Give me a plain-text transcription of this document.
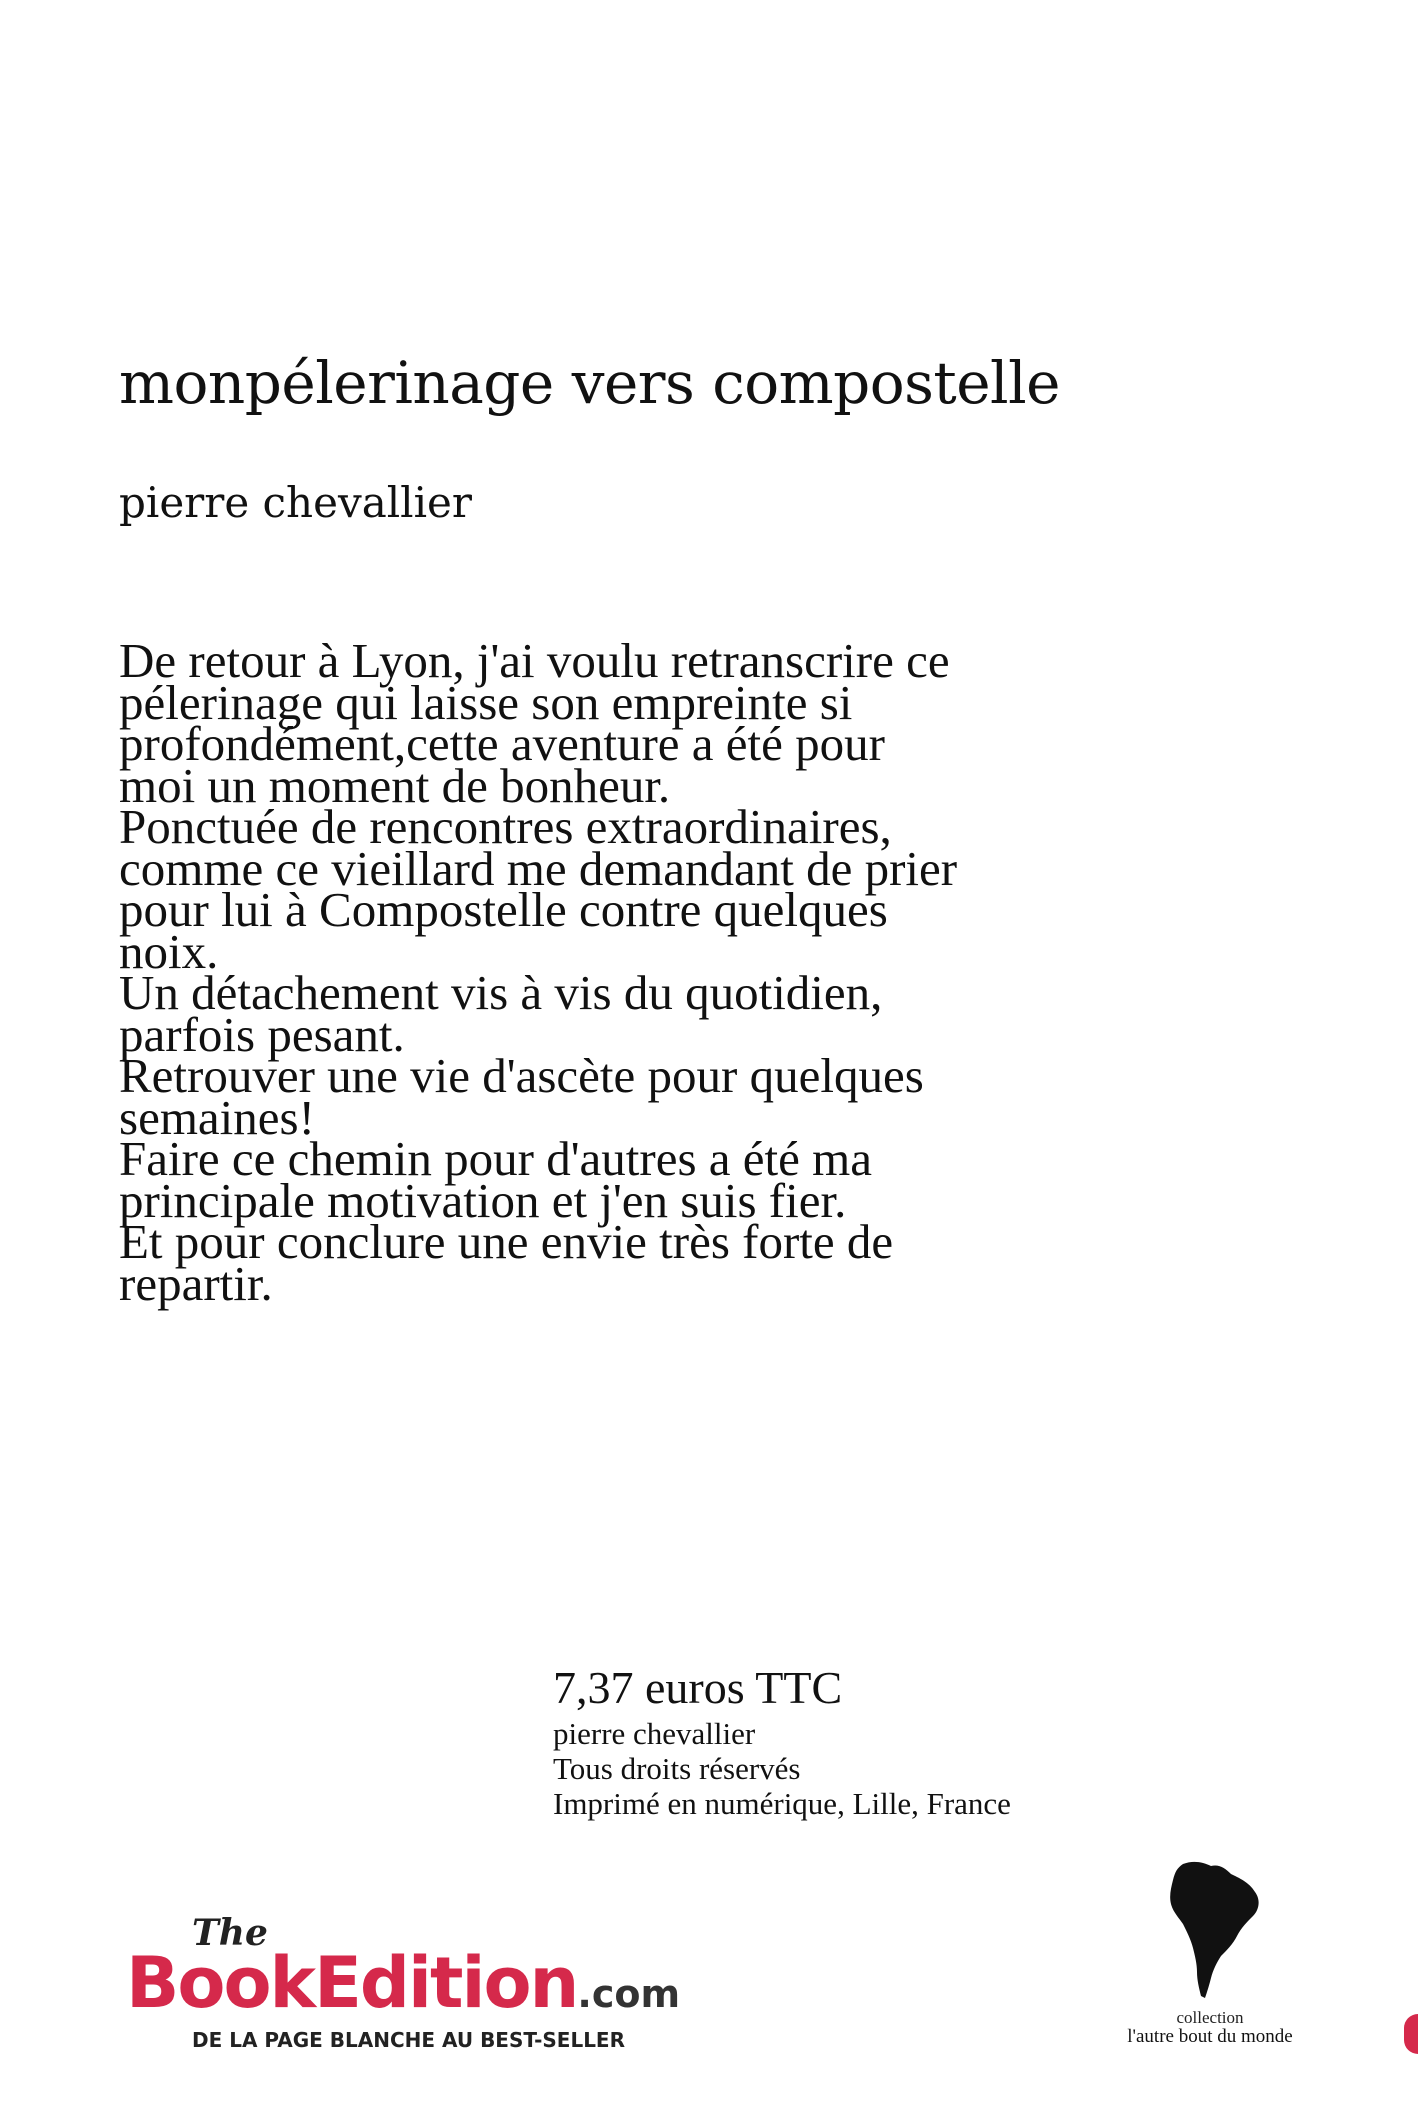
monpélerinage vers compostelle
pierre chevallier
De retour à Lyon, j'ai voulu retranscrire ce
pélerinage qui laisse son empreinte si
profondément,cette aventure a été pour
moi un moment de bonheur.
Ponctuée de rencontres extraordinaires,
comme ce vieillard me demandant de prier
pour lui à Compostelle contre quelques
noix.
Un détachement vis à vis du quotidien,
parfois pesant.
Retrouver une vie d'ascète pour quelques
semaines!
Faire ce chemin pour d'autres a été ma
principale motivation et j'en suis fier.
Et pour conclure une envie très forte de
repartir.
7,37 euros TTC
pierre chevallier
Tous droits réservés
Imprimé en numérique, Lille, France
The
BookEdition.com
DE LA PAGE BLANCHE AU BEST-SELLER
collection
l'autre bout du monde
